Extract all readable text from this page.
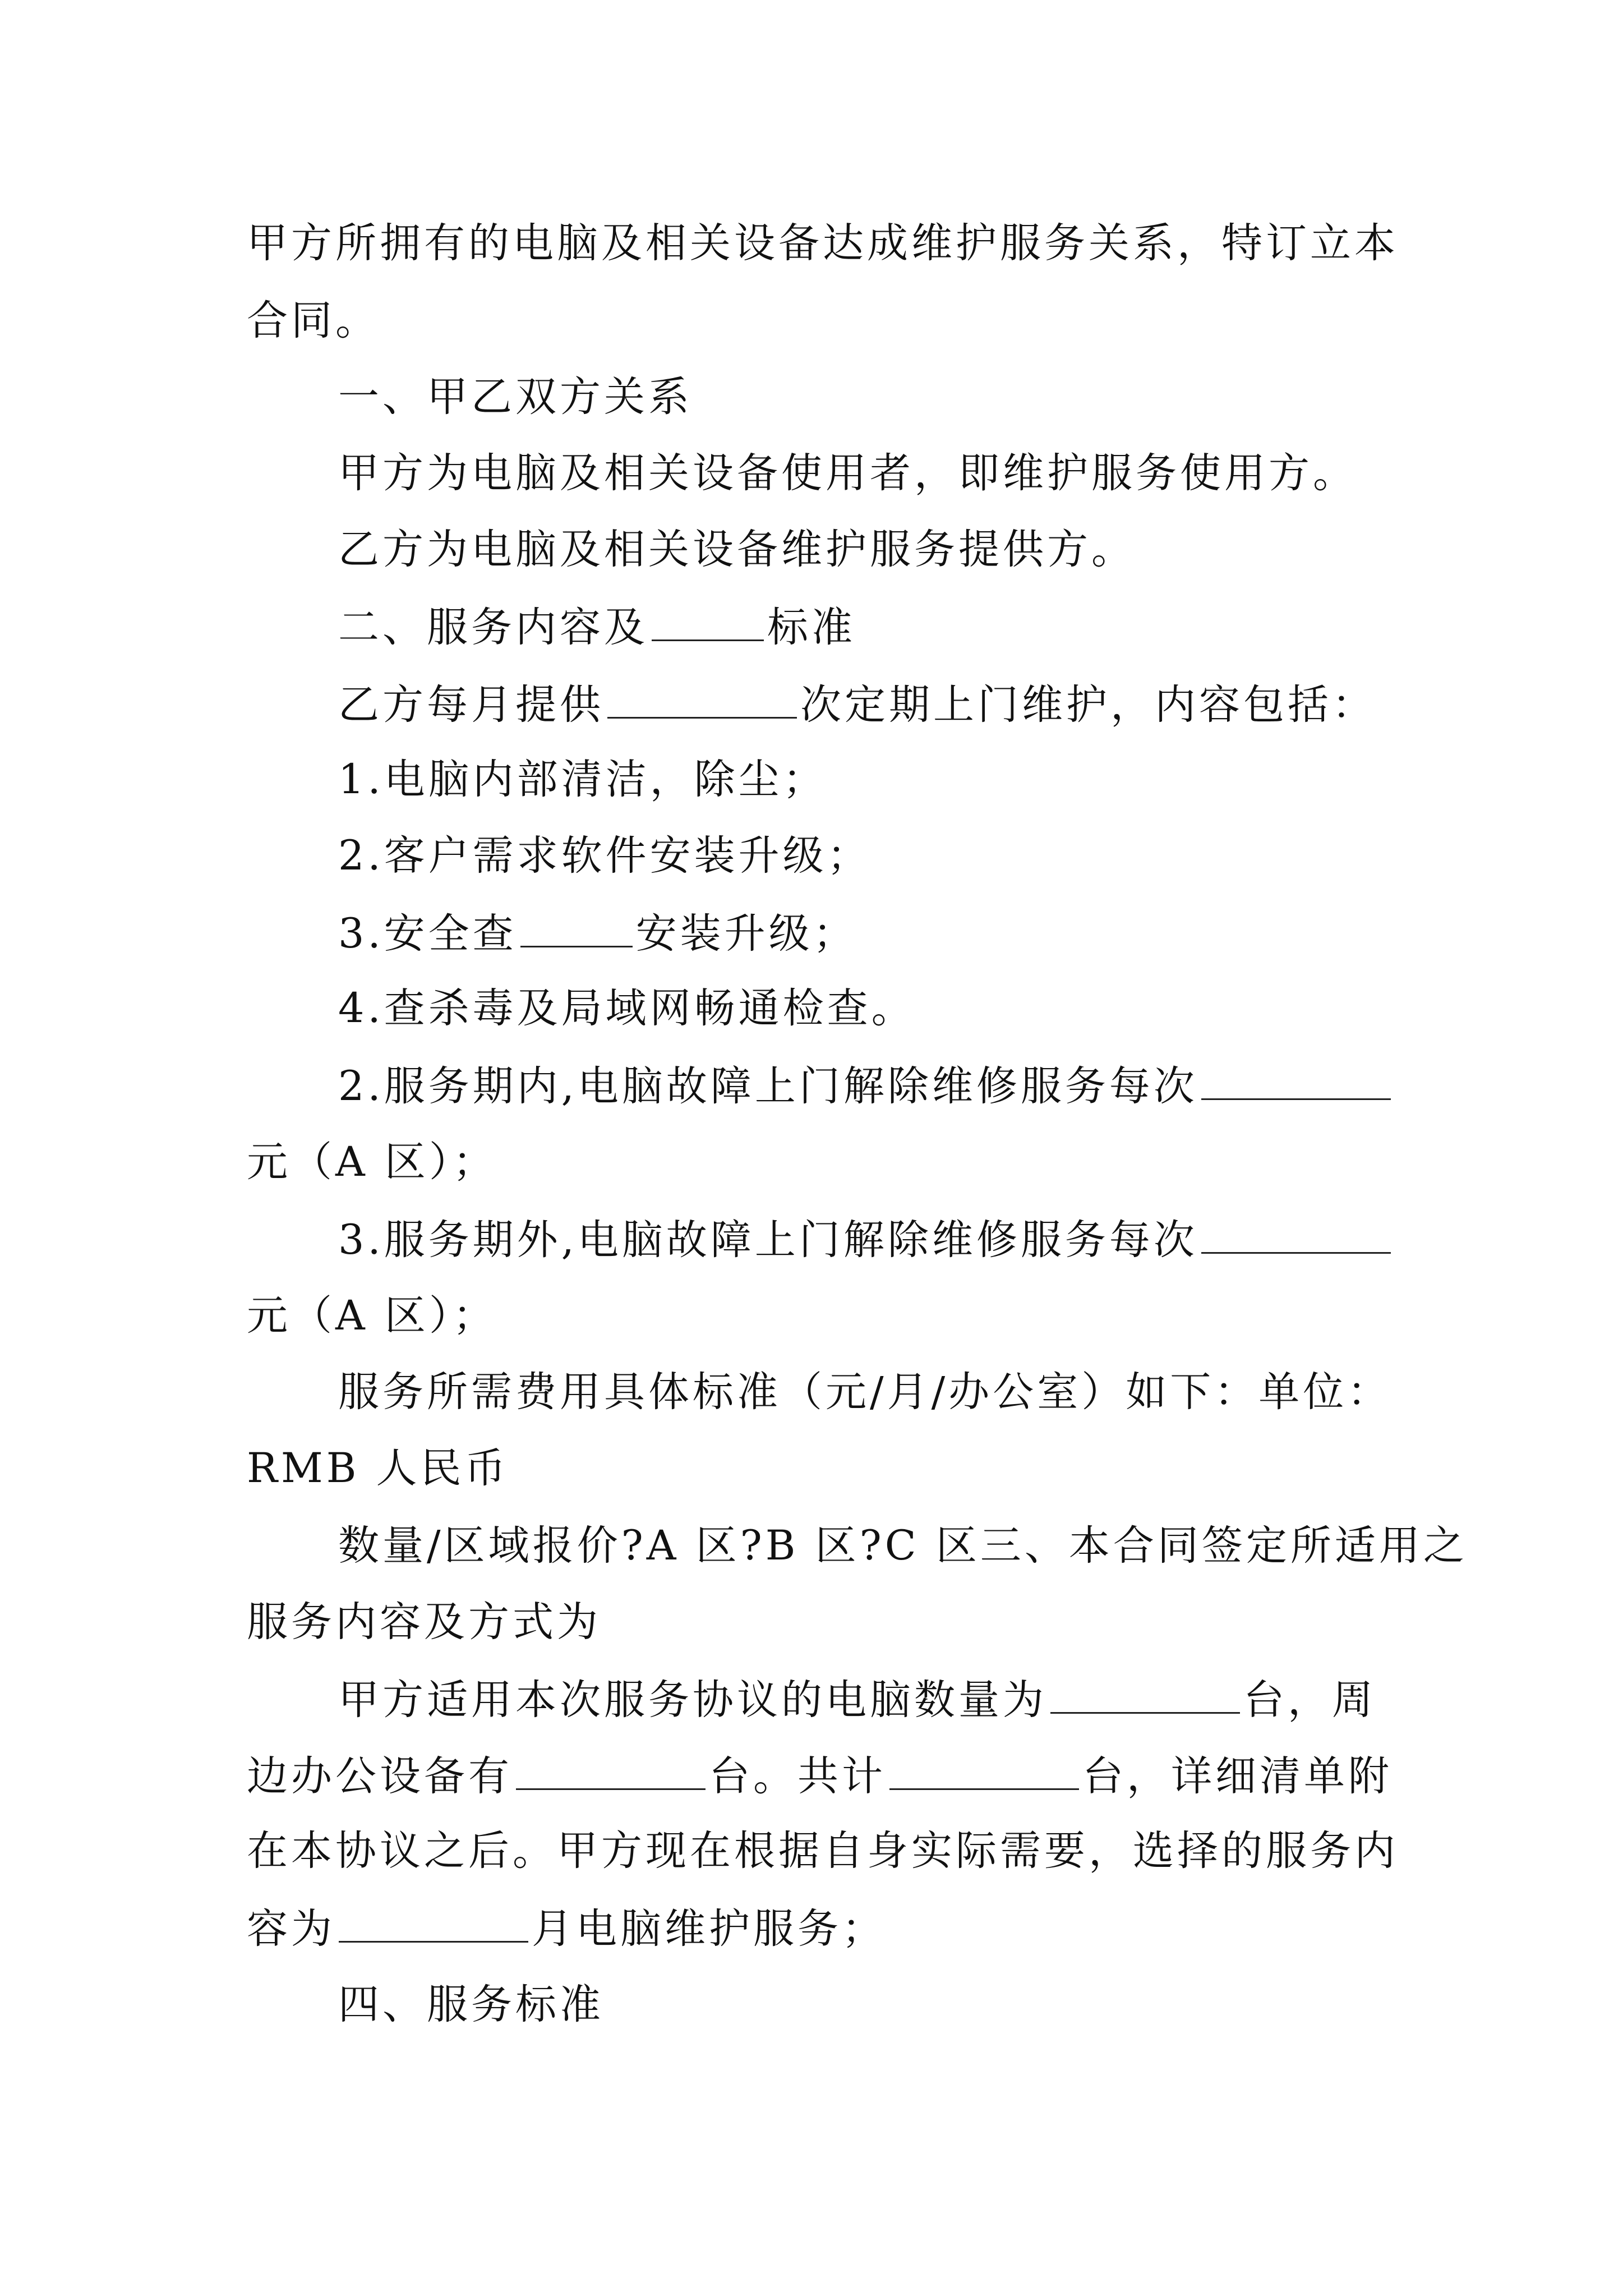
甲方所拥有的电脑及相关设备达成维护服务关系，特订立本
合同。
一、甲乙双方关系
甲方为电脑及相关设备使用者，即维护服务使用方。
乙方为电脑及相关设备维护服务提供方。
二、服务内容及	标准
乙方每月提供	次定期上门维护，内容包括：
1.电脑内部清洁，除尘；
2.客户需求软件安装升级；
3.安全查	安装升级；
4.查杀毒及局域网畅通检查。
2.服务期内,电脑故障上门解除维修服务每次
元（A 区）；
3.服务期外,电脑故障上门解除维修服务每次
元（A 区）；
服务所需费用具体标准（元/月/办公室）如下：单位：
RMB 人民币
数量/区域报价?A 区?B 区?C 区三、本合同签定所适用之
服务内容及方式为
甲方适用本次服务协议的电脑数量为	台，周
边办公设备有	台。共计	台，详细清单附
在本协议之后。甲方现在根据自身实际需要，选择的服务内
容为	月电脑维护服务；
四、服务标准
